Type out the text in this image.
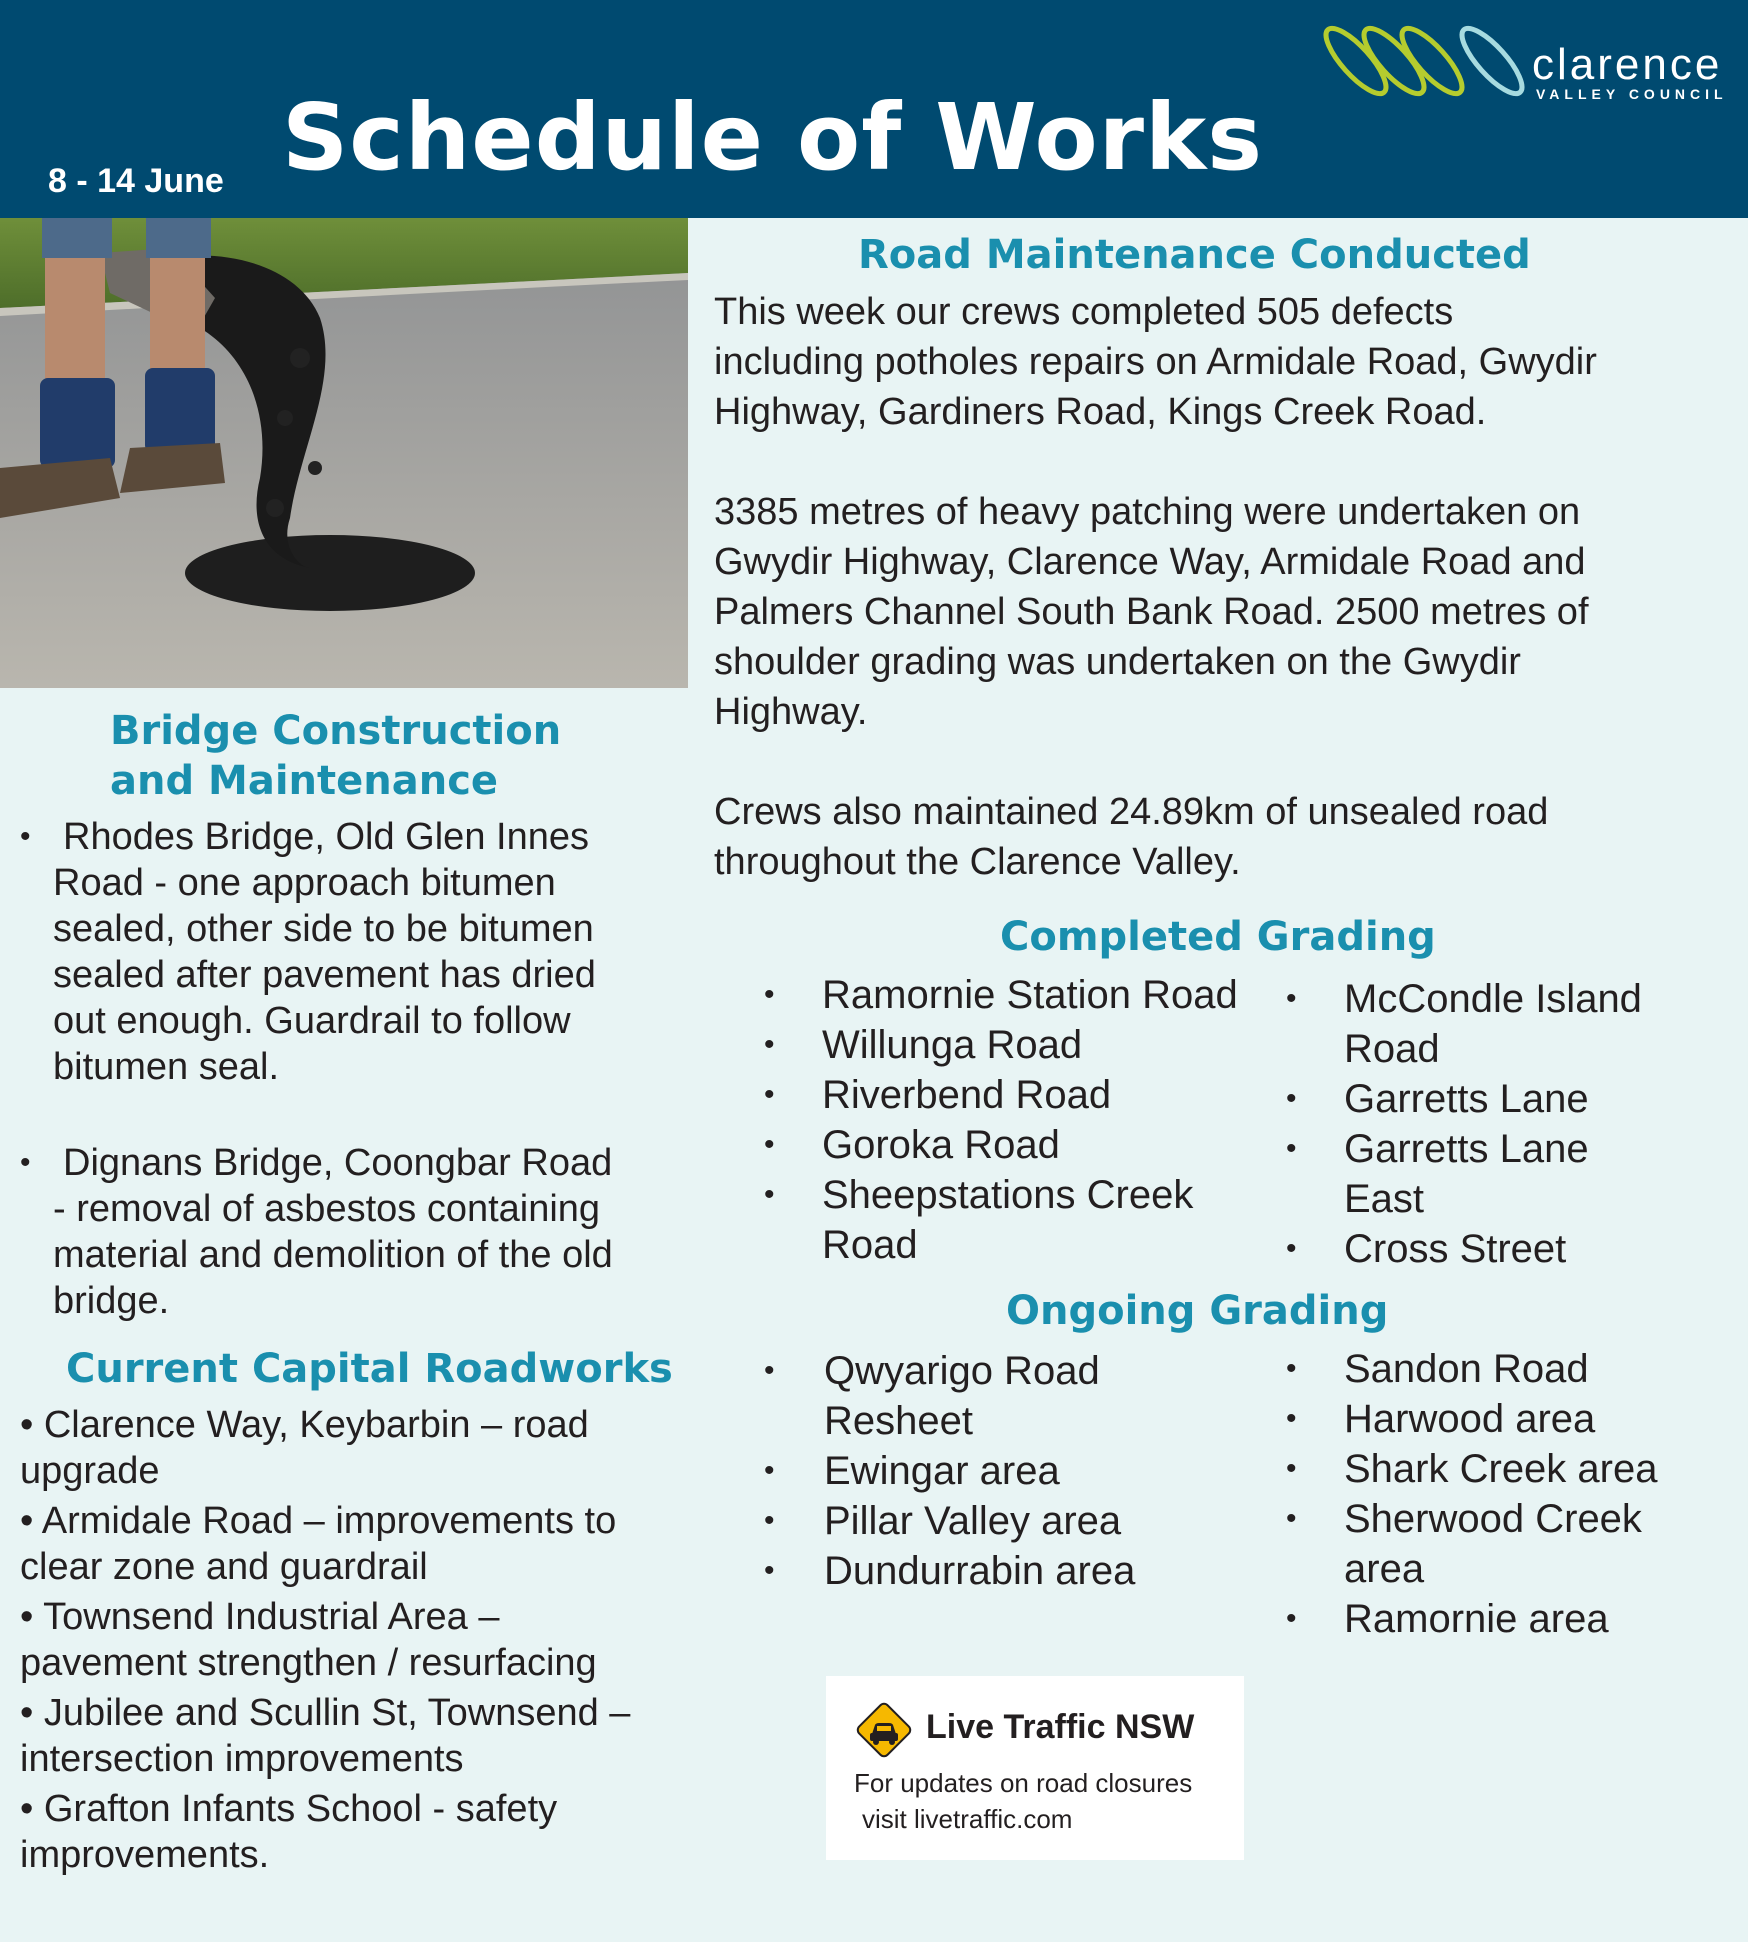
Schedule of Works
8 - 14 June
clarence
VALLEY COUNCIL
Bridge Construction
and Maintenance
• Rhodes Bridge, Old Glen Innes
Road - one approach bitumen
sealed, other side to be bitumen
sealed after pavement has dried
out enough. Guardrail to follow
bitumen seal.
• Dignans Bridge, Coongbar Road
- removal of asbestos containing
material and demolition of the old
bridge.
Current Capital Roadworks
• Clarence Way, Keybarbin – road
upgrade
• Armidale Road – improvements to
clear zone and guardrail
• Townsend Industrial Area –
pavement strengthen / resurfacing
• Jubilee and Scullin St, Townsend –
intersection improvements
• Grafton Infants School - safety
improvements.
Road Maintenance Conducted

This week our crews completed 505 defects
including potholes repairs on Armidale Road, Gwydir
Highway, Gardiners Road, Kings Creek Road.

3385 metres of heavy patching were undertaken on
Gwydir Highway, Clarence Way, Armidale Road and
Palmers Channel South Bank Road. 2500 metres of
shoulder grading was undertaken on the Gwydir
Highway.

Crews also maintained 24.89km of unsealed road
throughout the Clarence Valley.

Completed Grading
• Ramornie Station Road
• Willunga Road
• Riverbend Road
• Goroka Road
• Sheepstations Creek
Road
• McCondle Island
Road
• Garretts Lane
• Garretts Lane
East
• Cross Street
Ongoing Grading
• Qwyarigo Road
Resheet
• Ewingar area
• Pillar Valley area
• Dundurrabin area
• Sandon Road
• Harwood area
• Shark Creek area
• Sherwood Creek
area
• Ramornie area
Live Traffic NSW
For updates on road closures
visit livetraffic.com
